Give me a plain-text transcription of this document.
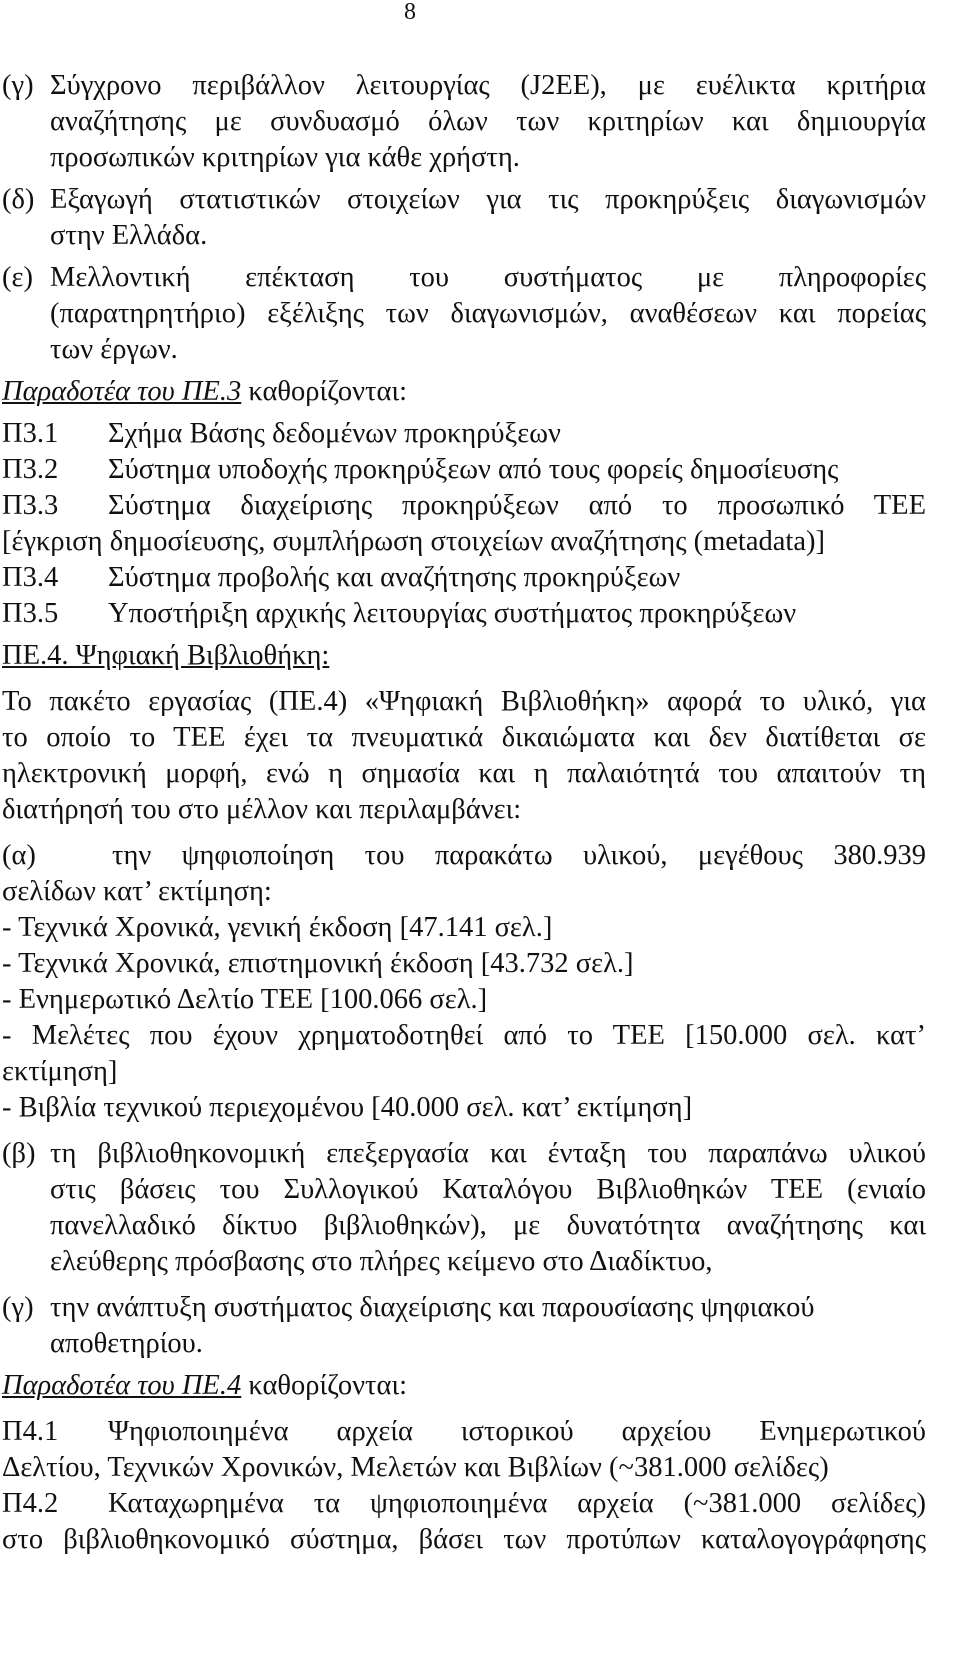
8
(γ) Σύγχρονο περιβάλλον λειτουργίας (J2EE), με ευέλικτα κριτήρια
αναζήτησης με συνδυασμό όλων των κριτηρίων και δημιουργία
προσωπικών κριτηρίων για κάθε χρήστη.
(δ) Εξαγωγή στατιστικών στοιχείων για τις προκηρύξεις διαγωνισμών
στην Ελλάδα.
(ε) Μελλοντική επέκταση του συστήματος με πληροφορίες
(παρατηρητήριο) εξέλιξης των διαγωνισμών, αναθέσεων και πορείας
των έργων.
Παραδοτέα του ΠΕ.3 καθορίζονται:
Π3.1	Σχήμα Βάσης δεδομένων προκηρύξεων
Π3.2	Σύστημα υποδοχής προκηρύξεων από τους φορείς δημοσίευσης
Π3.3	Σύστημα διαχείρισης προκηρύξεων από το προσωπικό ΤΕΕ
[έγκριση δημοσίευσης, συμπλήρωση στοιχείων αναζήτησης (metadata)]
Π3.4	Σύστημα προβολής και αναζήτησης προκηρύξεων
Π3.5	Υποστήριξη αρχικής λειτουργίας συστήματος προκηρύξεων
ΠΕ.4. Ψηφιακή Βιβλιοθήκη:
Το πακέτο εργασίας (ΠΕ.4) «Ψηφιακή Βιβλιοθήκη» αφορά το υλικό, για
το οποίο το ΤΕΕ έχει τα πνευματικά δικαιώματα και δεν διατίθεται σε
ηλεκτρονική μορφή, ενώ η σημασία και η παλαιότητά του απαιτούν τη
διατήρησή του στο μέλλον και περιλαμβάνει:
(α)	την ψηφιοποίηση του παρακάτω υλικού, μεγέθους 380.939
σελίδων κατ’ εκτίμηση:
- Τεχνικά Χρονικά, γενική έκδοση [47.141 σελ.]
- Τεχνικά Χρονικά, επιστημονική έκδοση [43.732 σελ.]
- Ενημερωτικό Δελτίο ΤΕΕ [100.066 σελ.]
- Μελέτες που έχουν χρηματοδοτηθεί από το ΤΕΕ [150.000 σελ. κατ’
εκτίμηση]
- Βιβλία τεχνικού περιεχομένου [40.000 σελ. κατ’ εκτίμηση]
(β) τη βιβλιοθηκονομική επεξεργασία και ένταξη του παραπάνω υλικού
στις βάσεις του Συλλογικού Καταλόγου Βιβλιοθηκών ΤΕΕ (ενιαίο
πανελλαδικό δίκτυο βιβλιοθηκών), με δυνατότητα αναζήτησης και
ελεύθερης πρόσβασης στο πλήρες κείμενο στο Διαδίκτυο,
(γ) την ανάπτυξη συστήματος διαχείρισης και παρουσίασης ψηφιακού
αποθετηρίου.
Παραδοτέα του ΠΕ.4 καθορίζονται:
Π4.1	Ψηφιοποιημένα αρχεία ιστορικού αρχείου Ενημερωτικού
Δελτίου, Τεχνικών Χρονικών, Μελετών και Βιβλίων (~381.000 σελίδες)
Π4.2	Καταχωρημένα τα ψηφιοποιημένα αρχεία (~381.000 σελίδες)
στο βιβλιοθηκονομικό σύστημα, βάσει των προτύπων καταλογογράφησης
